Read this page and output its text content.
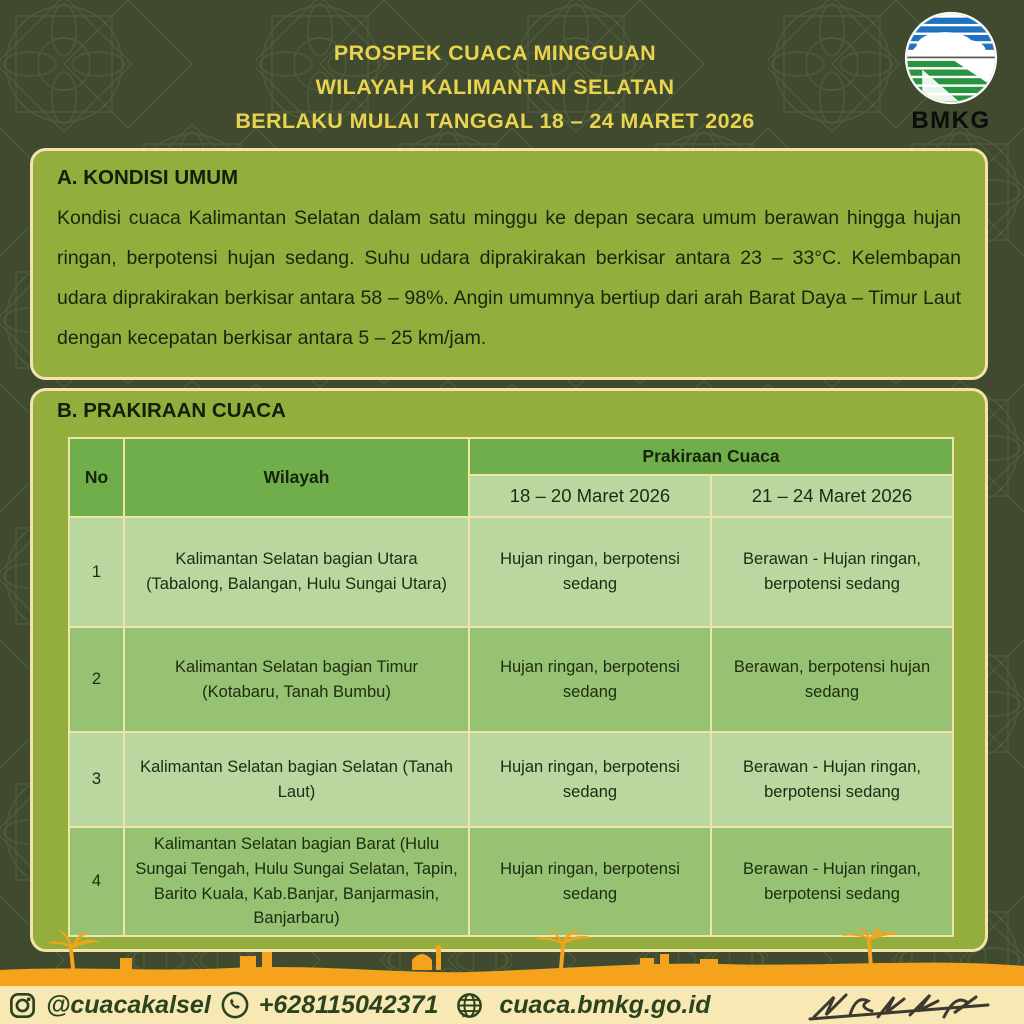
PROSPEK CUACA MINGGUAN
WILAYAH KALIMANTAN SELATAN
BERLAKU MULAI TANGGAL 18 – 24 MARET 2026	BMKG
A. KONDISI UMUM

Kondisi cuaca Kalimantan Selatan dalam satu minggu ke depan secara umum berawan hingga hujan ringan, berpotensi hujan sedang. Suhu udara diprakirakan berkisar antara 23 – 33°C. Kelembapan udara diprakirakan berkisar antara 58 – 98%. Angin umumnya bertiup dari arah Barat Daya – Timur Laut dengan kecepatan berkisar antara 5 – 25 km/jam.

B. PRAKIRAAN CUACA
No	Wilayah	Prakiraan Cuaca	
		18 – 20 Maret 2026	21 – 24 Maret 2026
1	Kalimantan Selatan bagian Utara (Tabalong, Balangan, Hulu Sungai Utara)	Hujan ringan, berpotensi sedang	Berawan - Hujan ringan, berpotensi sedang
2	Kalimantan Selatan bagian Timur (Kotabaru, Tanah Bumbu)	Hujan ringan, berpotensi sedang	Berawan, berpotensi hujan sedang
3	Kalimantan Selatan bagian Selatan (Tanah Laut)	Hujan ringan, berpotensi sedang	Berawan - Hujan ringan, berpotensi sedang
4	Kalimantan Selatan bagian Barat (Hulu Sungai Tengah, Hulu Sungai Selatan, Tapin, Barito Kuala, Kab.Banjar, Banjarmasin, Banjarbaru)	Hujan ringan, berpotensi sedang	Berawan - Hujan ringan, berpotensi sedang
@cuacakalsel +628115042371 cuaca.bmkg.go.id
